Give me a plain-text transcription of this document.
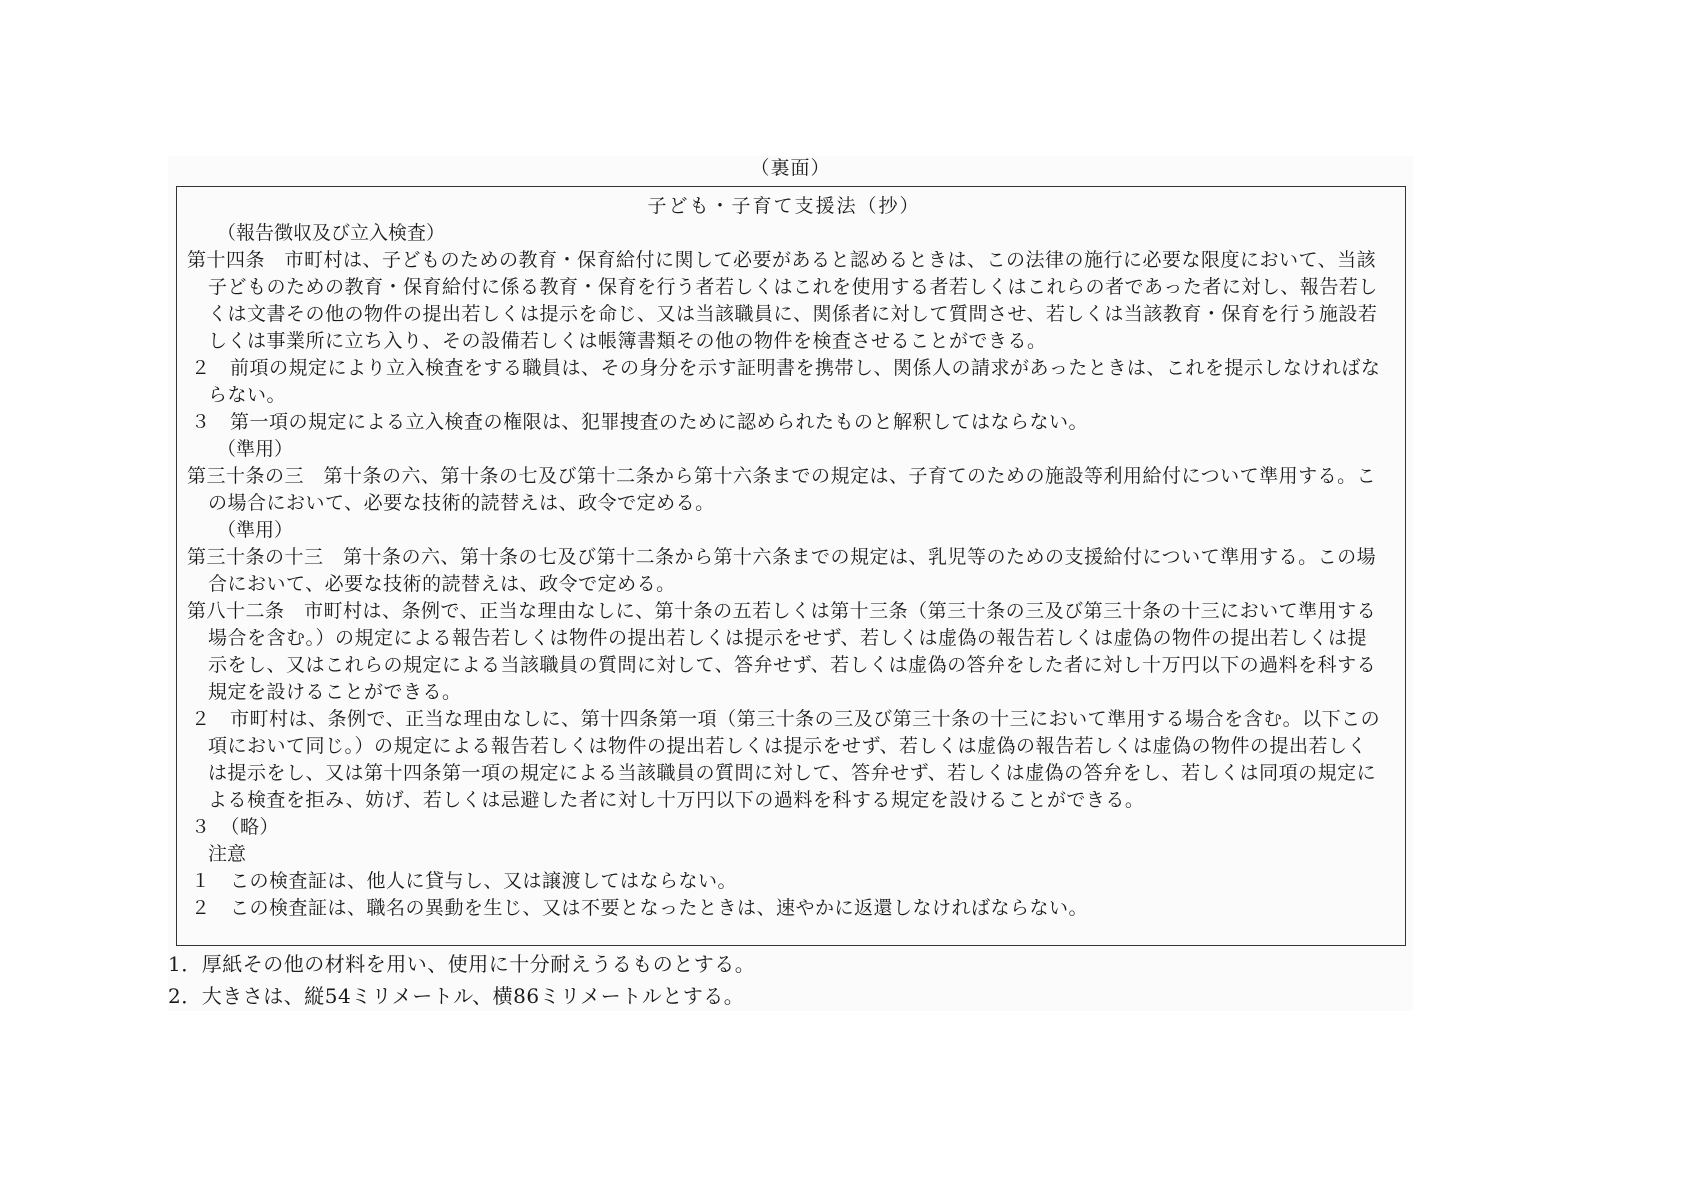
（裏面）
子ども・子育て支援法（抄）
（報告徴収及び立入検査）
第十四条　市町村は、子どものための教育・保育給付に関して必要があると認めるときは、この法律の施行に必要な限度において、当該子どものための教育・保育給付に係る教育・保育を行う者若しくはこれを使用する者若しくはこれらの者であった者に対し、報告若しくは文書その他の物件の提出若しくは提示を命じ、又は当該職員に、関係者に対して質問させ、若しくは当該教育・保育を行う施設若しくは事業所に立ち入り、その設備若しくは帳簿書類その他の物件を検査させることができる。
２　前項の規定により立入検査をする職員は、その身分を示す証明書を携帯し、関係人の請求があったときは、これを提示しなければならない。
３　第一項の規定による立入検査の権限は、犯罪捜査のために認められたものと解釈してはならない。
（準用）
第三十条の三　第十条の六、第十条の七及び第十二条から第十六条までの規定は、子育てのための施設等利用給付について準用する。この場合において、必要な技術的読替えは、政令で定める。
（準用）
第三十条の十三　第十条の六、第十条の七及び第十二条から第十六条までの規定は、乳児等のための支援給付について準用する。この場合において、必要な技術的読替えは、政令で定める。
第八十二条　市町村は、条例で、正当な理由なしに、第十条の五若しくは第十三条（第三十条の三及び第三十条の十三において準用する場合を含む。）の規定による報告若しくは物件の提出若しくは提示をせず、若しくは虚偽の報告若しくは虚偽の物件の提出若しくは提示をし、又はこれらの規定による当該職員の質問に対して、答弁せず、若しくは虚偽の答弁をした者に対し十万円以下の過料を科する規定を設けることができる。
２　市町村は、条例で、正当な理由なしに、第十四条第一項（第三十条の三及び第三十条の十三において準用する場合を含む。以下この項において同じ。）の規定による報告若しくは物件の提出若しくは提示をせず、若しくは虚偽の報告若しくは虚偽の物件の提出若しくは提示をし、又は第十四条第一項の規定による当該職員の質問に対して、答弁せず、若しくは虚偽の答弁をし、若しくは同項の規定による検査を拒み、妨げ、若しくは忌避した者に対し十万円以下の過料を科する規定を設けることができる。
３　（略）
注意
１　この検査証は、他人に貸与し、又は譲渡してはならない。
２　この検査証は、職名の異動を生じ、又は不要となったときは、速やかに返還しなければならない。
1．厚紙その他の材料を用い、使用に十分耐えうるものとする。
2．大きさは、縦54ミリメートル、横86ミリメートルとする。
